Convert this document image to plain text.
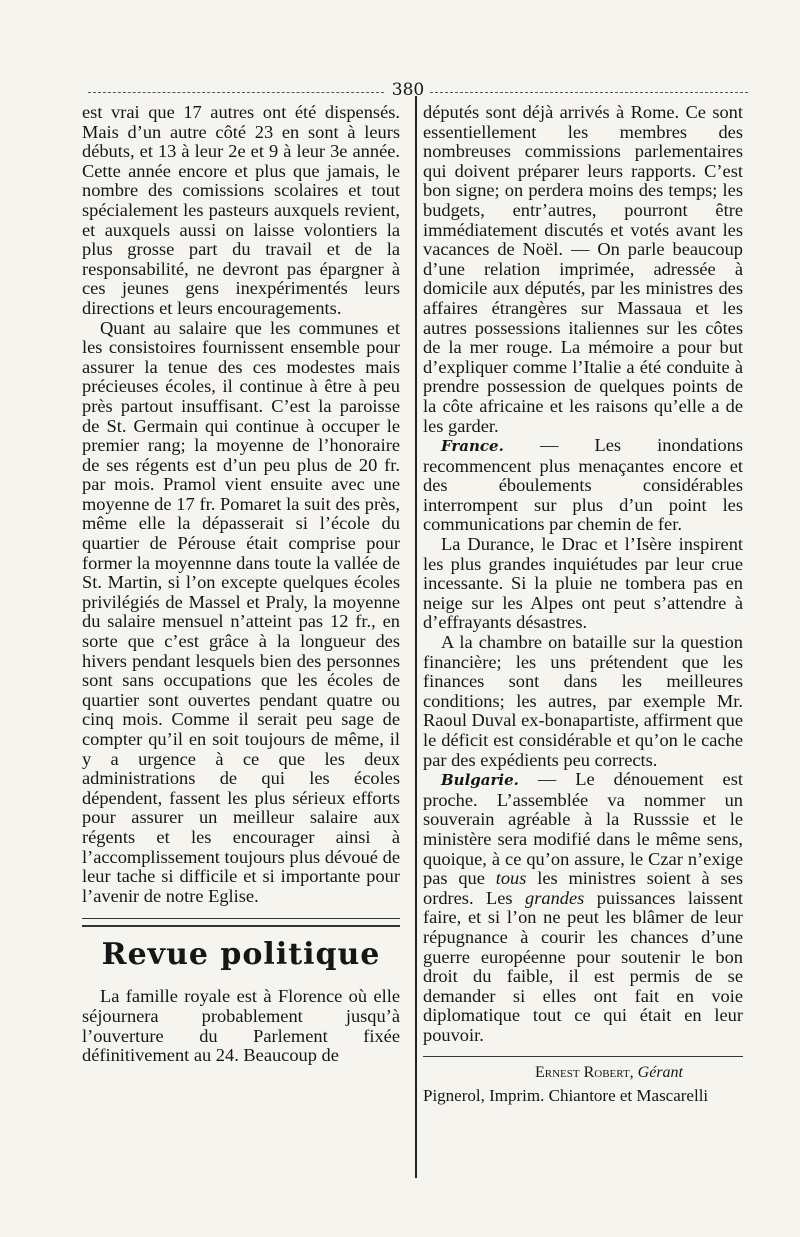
380

est vrai que 17 autres ont été dispensés. Mais d’un autre côté 23 en sont à leurs débuts, et 13 à leur 2e et 9 à leur 3e année. Cette année encore et plus que jamais, le nombre des comissions scolaires et tout spécialement les pasteurs auxquels revient, et auxquels aussi on laisse volontiers la plus grosse part du travail et de la responsabilité, ne devront pas épargner à ces jeunes gens inexpérimentés leurs directions et leurs encouragements.

Quant au salaire que les communes et les consistoires fournissent ensemble pour assurer la tenue des ces modestes mais précieuses écoles, il continue à être à peu près partout insuffisant. C’est la paroisse de St. Germain qui continue à occuper le premier rang; la moyenne de l’honoraire de ses régents est d’un peu plus de 20 fr. par mois. Pramol vient ensuite avec une moyenne de 17 fr. Pomaret la suit des près, même elle la dépasserait si l’école du quartier de Pérouse était comprise pour former la moyennne dans toute la vallée de St. Martin, si l’on excepte quelques écoles privilégiés de Massel et Praly, la moyenne du salaire mensuel n’atteint pas 12 fr., en sorte que c’est grâce à la longueur des hivers pendant lesquels bien des personnes sont sans occupations que les écoles de quartier sont ouvertes pendant quatre ou cinq mois. Comme il serait peu sage de compter qu’il en soit toujours de même, il y a urgence à ce que les deux administrations de qui les écoles dépendent, fassent les plus sérieux efforts pour assurer un meilleur salaire aux régents et les encourager ainsi à l’accomplissement toujours plus dévoué de leur tache si difficile et si importante pour l’avenir de notre Eglise.

Revue politique

La famille royale est à Florence où elle séjournera probablement jusqu’à l’ouverture du Parlement fixée définitivement au 24. Beaucoup de

députés sont déjà arrivés à Rome. Ce sont essentiellement les membres des nombreuses commissions parlementaires qui doivent préparer leurs rapports. C’est bon signe; on perdera moins des temps; les budgets, entr’autres, pourront être immédiatement discutés et votés avant les vacances de Noël. — On parle beaucoup d’une relation imprimée, adressée à domicile aux députés, par les ministres des affaires étrangères sur Massaua et les autres possessions italiennes sur les côtes de la mer rouge. La mémoire a pour but d’expliquer comme l’Italie a été conduite à prendre possession de quelques points de la côte africaine et les raisons qu’elle a de les garder.

France. — Les inondations recommencent plus menaçantes encore et des éboulements considérables interrompent sur plus d’un point les communications par chemin de fer.

La Durance, le Drac et l’Isère inspirent les plus grandes inquiétudes par leur crue incessante. Si la pluie ne tombera pas en neige sur les Alpes ont peut s’attendre à d’effrayants désastres.

A la chambre on bataille sur la question financière; les uns prétendent que les finances sont dans les meilleures conditions; les autres, par exemple Mr. Raoul Duval ex-bonapartiste, affirment que le déficit est considérable et qu’on le cache par des expédients peu corrects.

Bulgarie. — Le dénouement est proche. L’assemblée va nommer un souverain agréable à la Russsie et le ministère sera modifié dans le même sens, quoique, à ce qu’on assure, le Czar n’exige pas que tous les ministres soient à ses ordres. Les grandes puissances laissent faire, et si l’on ne peut les blâmer de leur répugnance à courir les chances d’une guerre européenne pour soutenir le bon droit du faible, il est permis de se demander si elles ont fait en voie diplomatique tout ce qui était en leur pouvoir.

Ernest Robert, Gérant

Pignerol, Imprim. Chiantore et Mascarelli
